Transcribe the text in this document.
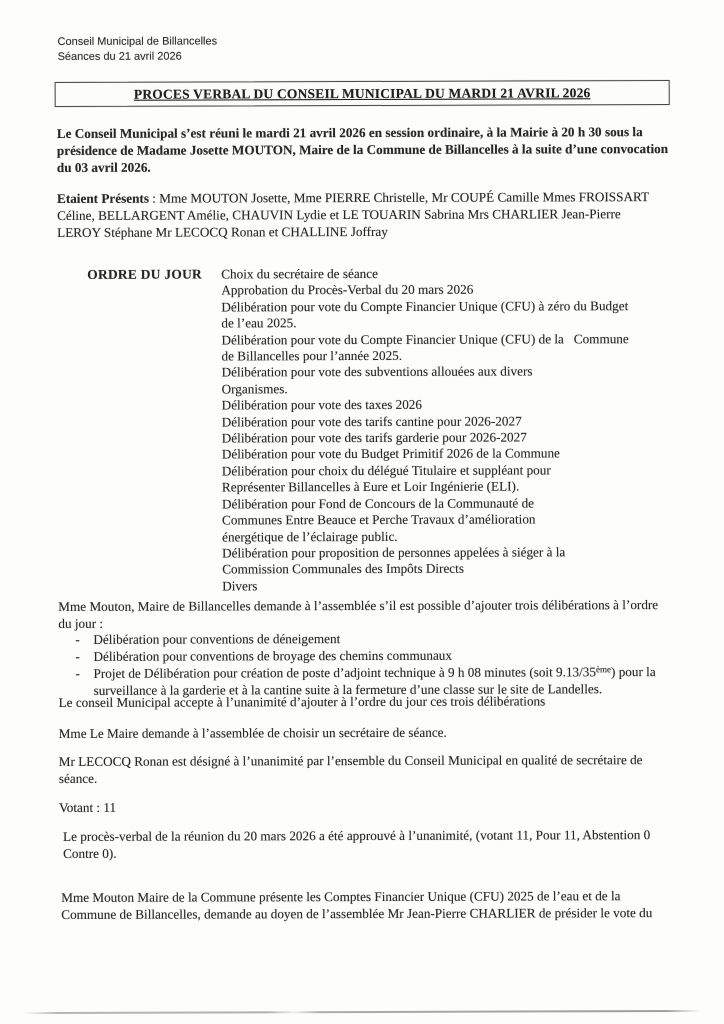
Conseil Municipal de Billancelles
Séances du 21 avril 2026
PROCES VERBAL DU CONSEIL MUNICIPAL DU MARDI 21 AVRIL 2026
Le Conseil Municipal s’est réuni le mardi 21 avril 2026 en session ordinaire, à la Mairie à 20 h 30 sous la
présidence de Madame Josette MOUTON, Maire de la Commune de Billancelles à la suite d’une convocation
du 03 avril 2026.
Etaient Présents : Mme MOUTON Josette, Mme PIERRE Christelle, Mr COUPÉ Camille Mmes FROISSART
Céline, BELLARGENT Amélie, CHAUVIN Lydie et LE TOUARIN Sabrina Mrs CHARLIER Jean-Pierre
LEROY Stéphane Mr LECOCQ Ronan et CHALLINE Joffray
ORDRE DU JOUR Choix du secrétaire de séance
Approbation du Procès-Verbal du 20 mars 2026
Délibération pour vote du Compte Financier Unique (CFU) à zéro du Budget
de l’eau 2025.
Délibération pour vote du Compte Financier Unique (CFU) de la   Commune
de Billancelles pour l’année 2025.
Délibération pour vote des subventions allouées aux divers
Organismes.
Délibération pour vote des taxes 2026
Délibération pour vote des tarifs cantine pour 2026-2027
Délibération pour vote des tarifs garderie pour 2026-2027
Délibération pour vote du Budget Primitif 2026 de la Commune
Délibération pour choix du délégué Titulaire et suppléant pour
Représenter Billancelles à Eure et Loir Ingénierie (ELI).
Délibération pour Fond de Concours de la Communauté de
Communes Entre Beauce et Perche Travaux d’amélioration
énergétique de l’éclairage public.
Délibération pour proposition de personnes appelées à siéger à la
Commission Communales des Impôts Directs
Divers
Mme Mouton, Maire de Billancelles demande à l’assemblée s’il est possible d’ajouter trois délibérations à l’ordre
du jour :
-	Délibération pour conventions de déneigement
-	Délibération pour conventions de broyage des chemins communaux
-	Projet de Délibération pour création de poste d’adjoint technique à 9 h 08 minutes (soit 9.13/35ème) pour la
surveillance à la garderie et à la cantine suite à la fermeture d’une classe sur le site de Landelles.
Le conseil Municipal accepte à l’unanimité d’ajouter à l’ordre du jour ces trois délibérations
Mme Le Maire demande à l’assemblée de choisir un secrétaire de séance.
Mr LECOCQ Ronan est désigné à l’unanimité par l’ensemble du Conseil Municipal en qualité de secrétaire de
séance.
Votant : 11
Le procès-verbal de la réunion du 20 mars 2026 a été approuvé à l’unanimité, (votant 11, Pour 11, Abstention 0
Contre 0).
Mme Mouton Maire de la Commune présente les Comptes Financier Unique (CFU) 2025 de l’eau et de la
Commune de Billancelles, demande au doyen de l’assemblée Mr Jean-Pierre CHARLIER de présider le vote du
